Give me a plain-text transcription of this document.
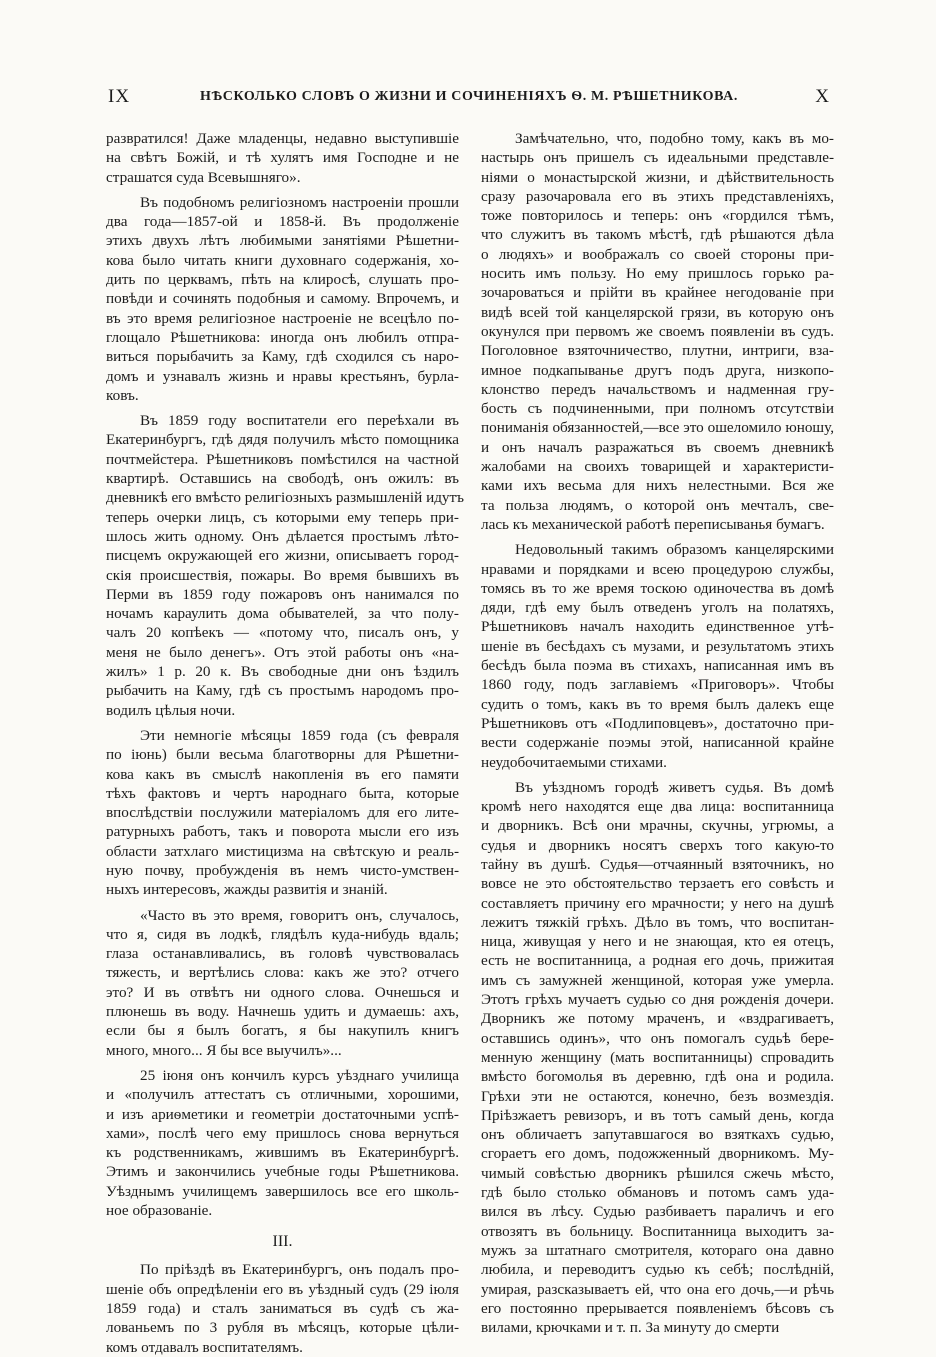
IX	НѢСКОЛЬКО СЛОВЪ О ЖИЗНИ И СОЧИНЕНІЯХЪ Ѳ. М. РѢШЕТНИКОВА.	X
развратился! Даже младенцы, недавно выступившіе
на свѣтъ Божій, и тѣ хулятъ имя Господне и не
страшатся суда Всевышняго».
Въ подобномъ религіозномъ настроеніи прошли
два года—1857-ой и 1858-й. Въ продолженіе
этихъ двухъ лѣтъ любимыми занятіями Рѣшетни-
кова было читать книги духовнаго содержанія, хо-
дить по церквамъ, пѣть на клиросѣ, слушать про-
повѣди и сочинять подобныя и самому. Впрочемъ, и
въ это время религіозное настроеніе не всецѣло по-
глощало Рѣшетникова: иногда онъ любилъ отпра-
виться порыбачить за Каму, гдѣ сходился съ наро-
домъ и узнавалъ жизнь и нравы крестьянъ, бурла-
ковъ.
Въ 1859 году воспитатели его переѣхали въ
Екатеринбургъ, гдѣ дядя получилъ мѣсто помощника
почтмейстера. Рѣшетниковъ помѣстился на частной
квартирѣ. Оставшись на свободѣ, онъ ожилъ: въ
дневникѣ его вмѣсто религіозныхъ размышленій идутъ
теперь очерки лицъ, съ которыми ему теперь при-
шлось жить одному. Онъ дѣлается простымъ лѣто-
писцемъ окружающей его жизни, описываетъ город-
скія происшествія, пожары. Во время бывшихъ въ
Перми въ 1859 году пожаровъ онъ нанимался по
ночамъ караулить дома обывателей, за что полу-
чалъ 20 копѣекъ — «потому что, писалъ онъ, у
меня не было денегъ». Отъ этой работы онъ «на-
жилъ» 1 р. 20 к. Въ свободные дни онъ ѣздилъ
рыбачить на Каму, гдѣ съ простымъ народомъ про-
водилъ цѣлыя ночи.
Эти немногіе мѣсяцы 1859 года (съ февраля
по іюнь) были весьма благотворны для Рѣшетни-
кова какъ въ смыслѣ накопленія въ его памяти
тѣхъ фактовъ и чертъ народнаго быта, которые
впослѣдствіи послужили матеріаломъ для его лите-
ратурныхъ работъ, такъ и поворота мысли его изъ
области затхлаго мистицизма на свѣтскую и реаль-
ную почву, пробужденія въ немъ чисто-умствен-
ныхъ интересовъ, жажды развитія и знаній.
«Часто въ это время, говоритъ онъ, случалось,
что я, сидя въ лодкѣ, глядѣлъ куда-нибудь вдаль;
глаза останавливались, въ головѣ чувствовалась
тяжесть, и вертѣлись слова: какъ же это? отчего
это? И въ отвѣтъ ни одного слова. Очнешься и
плюнешь въ воду. Начнешь удить и думаешь: ахъ,
если бы я былъ богатъ, я бы накупилъ книгъ
много, много... Я бы все выучилъ»...
25 іюня онъ кончилъ курсъ уѣзднаго училища
и «получилъ аттестатъ съ отличными, хорошими,
и изъ ариѳметики и геометріи достаточными успѣ-
хами», послѣ чего ему пришлось снова вернуться
къ родственникамъ, жившимъ въ Екатеринбургѣ.
Этимъ и закончились учебные годы Рѣшетникова.
Уѣзднымъ училищемъ завершилось все его школь-
ное образованіе.
III.
По пріѣздѣ въ Екатеринбургъ, онъ подалъ про-
шеніе объ опредѣленіи его въ уѣздный судъ (29 іюля
1859 года) и сталъ заниматься въ судѣ съ жа-
лованьемъ по 3 рубля въ мѣсяцъ, которые цѣли-
комъ отдавалъ воспитателямъ.
Замѣчательно, что, подобно тому, какъ въ мо-
настырь онъ пришелъ съ идеальными представле-
ніями о монастырской жизни, и дѣйствительность
сразу разочаровала его въ этихъ представленіяхъ,
тоже повторилось и теперь: онъ «гордился тѣмъ,
что служитъ въ такомъ мѣстѣ, гдѣ рѣшаются дѣла
о людяхъ» и воображалъ со своей стороны при-
носить имъ пользу. Но ему пришлось горько ра-
зочароваться и прійти въ крайнее негодованіе при
видѣ всей той канцелярской грязи, въ которую онъ
окунулся при первомъ же своемъ появленіи въ судъ.
Поголовное взяточничество, плутни, интриги, вза-
имное подкапыванье другъ подъ друга, низкопо-
клонство передъ начальствомъ и надменная гру-
бость съ подчиненными, при полномъ отсутствіи
пониманія обязанностей,—все это ошеломило юношу,
и онъ началъ разражаться въ своемъ дневникѣ
жалобами на своихъ товарищей и характеристи-
ками ихъ весьма для нихъ нелестными. Вся же
та польза людямъ, о которой онъ мечталъ, све-
лась къ механической работѣ переписыванья бумагъ.
Недовольный такимъ образомъ канцелярскими
нравами и порядками и всею процедурою службы,
томясь въ то же время тоскою одиночества въ домѣ
дяди, гдѣ ему былъ отведенъ уголъ на полатяхъ,
Рѣшетниковъ началъ находить единственное утѣ-
шеніе въ бесѣдахъ съ музами, и результатомъ этихъ
бесѣдъ была поэма въ стихахъ, написанная имъ въ
1860 году, подъ заглавіемъ «Приговоръ». Чтобы
судить о томъ, какъ въ то время былъ далекъ еще
Рѣшетниковъ отъ «Подлиповцевъ», достаточно при-
вести содержаніе поэмы этой, написанной крайне
неудобочитаемыми стихами.
Въ уѣздномъ городѣ живетъ судья. Въ домѣ
кромѣ него находятся еще два лица: воспитанница
и дворникъ. Всѣ они мрачны, скучны, угрюмы, а
судья и дворникъ носятъ сверхъ того какую-то
тайну въ душѣ. Судья—отчаянный взяточникъ, но
вовсе не это обстоятельство терзаетъ его совѣсть и
составляетъ причину его мрачности; у него на душѣ
лежитъ тяжкій грѣхъ. Дѣло въ томъ, что воспитан-
ница, живущая у него и не знающая, кто ея отецъ,
есть не воспитанница, а родная его дочь, прижитая
имъ съ замужней женщиной, которая уже умерла.
Этотъ грѣхъ мучаетъ судью со дня рожденія дочери.
Дворникъ же потому мраченъ, и «вздрагиваетъ,
оставшись одинъ», что онъ помогалъ судьѣ бере-
менную женщину (мать воспитанницы) спровадить
вмѣсто богомолья въ деревню, гдѣ она и родила.
Грѣхи эти не остаются, конечно, безъ возмездія.
Пріѣзжаетъ ревизоръ, и въ тотъ самый день, когда
онъ обличаетъ запутавшагося во взяткахъ судью,
сгораетъ его домъ, подожженный дворникомъ. Му-
чимый совѣстью дворникъ рѣшился сжечь мѣсто,
гдѣ было столько обмановъ и потомъ самъ уда-
вился въ лѣсу. Судью разбиваетъ параличъ и его
отвозятъ въ больницу. Воспитанница выходитъ за-
мужъ за штатнаго смотрителя, котораго она давно
любила, и переводитъ судью къ себѣ; послѣдній,
умирая, разсказываетъ ей, что она его дочь,—и рѣчь
его постоянно прерывается появленіемъ бѣсовъ съ
вилами, крючками и т. п. За минуту до смерти
